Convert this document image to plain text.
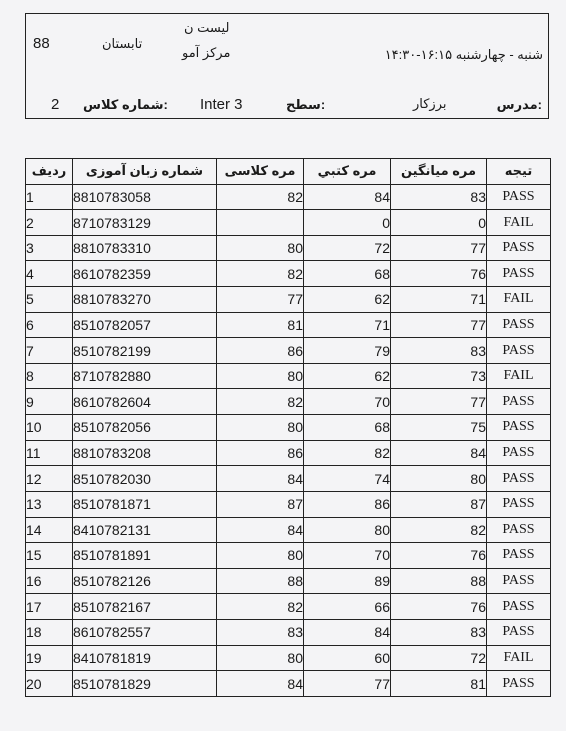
88	تابستان
لیست ن
مرکز آمو	شنبه - چهارشنبه ۱۶:۱۵-۱۴:۳۰
2 شماره کلاس: Inter 3	سطح:	برزکار	مدرس:
ردیف	شماره زبان آموزی	مره کلاسی	مره کتبي	مره میانگین	تیجه
1	8810783058	82	84	83	PASS
2	8710783129		0	0	FAIL
3	8810783310	80	72	77	PASS
4	8610782359	82	68	76	PASS
5	8810783270	77	62	71	FAIL
6	8510782057	81	71	77	PASS
7	8510782199	86	79	83	PASS
8	8710782880	80	62	73	FAIL
9	8610782604	82	70	77	PASS
10	8510782056	80	68	75	PASS
11	8810783208	86	82	84	PASS
12	8510782030	84	74	80	PASS
13	8510781871	87	86	87	PASS
14	8410782131	84	80	82	PASS
15	8510781891	80	70	76	PASS
16	8510782126	88	89	88	PASS
17	8510782167	82	66	76	PASS
18	8610782557	83	84	83	PASS
19	8410781819	80	60	72	FAIL
20	8510781829	84	77	81	PASS
